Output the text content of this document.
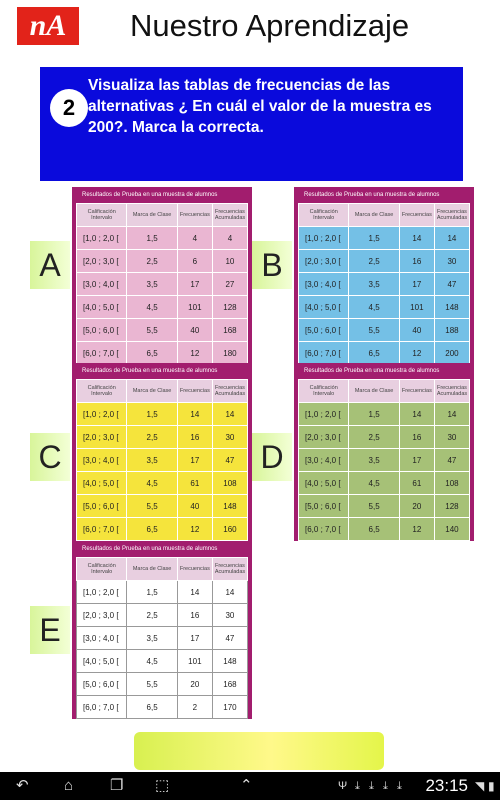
nA	Nuestro Aprendizaje
2
Visualiza las tablas de frecuencias de las alternativas ¿ En cuál el valor de la muestra es 200?. Marca la correcta.
A	B
C	D
E
Resultados de Prueba en una muestra de alumnos
Calificación Intervalo	Marca de Clase	Frecuencias	Frecuencias Acumuladas
[1,0 ; 2,0 [	1,5	4	4
[2,0 ; 3,0 [	2,5	6	10
[3,0 ; 4,0 [	3,5	17	27
[4,0 ; 5,0 [	4,5	101	128
[5,0 ; 6,0 [	5,5	40	168
[6,0 ; 7,0 [	6,5	12	180
Resultados de Prueba en una muestra de alumnos
Calificación Intervalo	Marca de Clase	Frecuencias	Frecuencias Acumuladas
[1,0 ; 2,0 [	1,5	14	14
[2,0 ; 3,0 [	2,5	16	30
[3,0 ; 4,0 [	3,5	17	47
[4,0 ; 5,0 [	4,5	101	148
[5,0 ; 6,0 [	5,5	40	188
[6,0 ; 7,0 [	6,5	12	200
Resultados de Prueba en una muestra de alumnos
Calificación Intervalo	Marca de Clase	Frecuencias	Frecuencias Acumuladas
[1,0 ; 2,0 [	1,5	14	14
[2,0 ; 3,0 [	2,5	16	30
[3,0 ; 4,0 [	3,5	17	47
[4,0 ; 5,0 [	4,5	61	108
[5,0 ; 6,0 [	5,5	40	148
[6,0 ; 7,0 [	6,5	12	160
Resultados de Prueba en una muestra de alumnos
Calificación Intervalo	Marca de Clase	Frecuencias	Frecuencias Acumuladas
[1,0 ; 2,0 [	1,5	14	14
[2,0 ; 3,0 [	2,5	16	30
[3,0 ; 4,0 [	3,5	17	47
[4,0 ; 5,0 [	4,5	61	108
[5,0 ; 6,0 [	5,5	20	128
[6,0 ; 7,0 [	6,5	12	140
Resultados de Prueba en una muestra de alumnos
Calificación Intervalo	Marca de Clase	Frecuencias	Frecuencias Acumuladas
[1,0 ; 2,0 [	1,5	14	14
[2,0 ; 3,0 [	2,5	16	30
[3,0 ; 4,0 [	3,5	17	47
[4,0 ; 5,0 [	4,5	101	148
[5,0 ; 6,0 [	5,5	20	168
[6,0 ; 7,0 [	6,5	2	170
↶ ⌂ ❐ ⬚	⌃	Ψ ⤓ ⤓ ⤓ ⤓ 23:15 ◥ ▮
